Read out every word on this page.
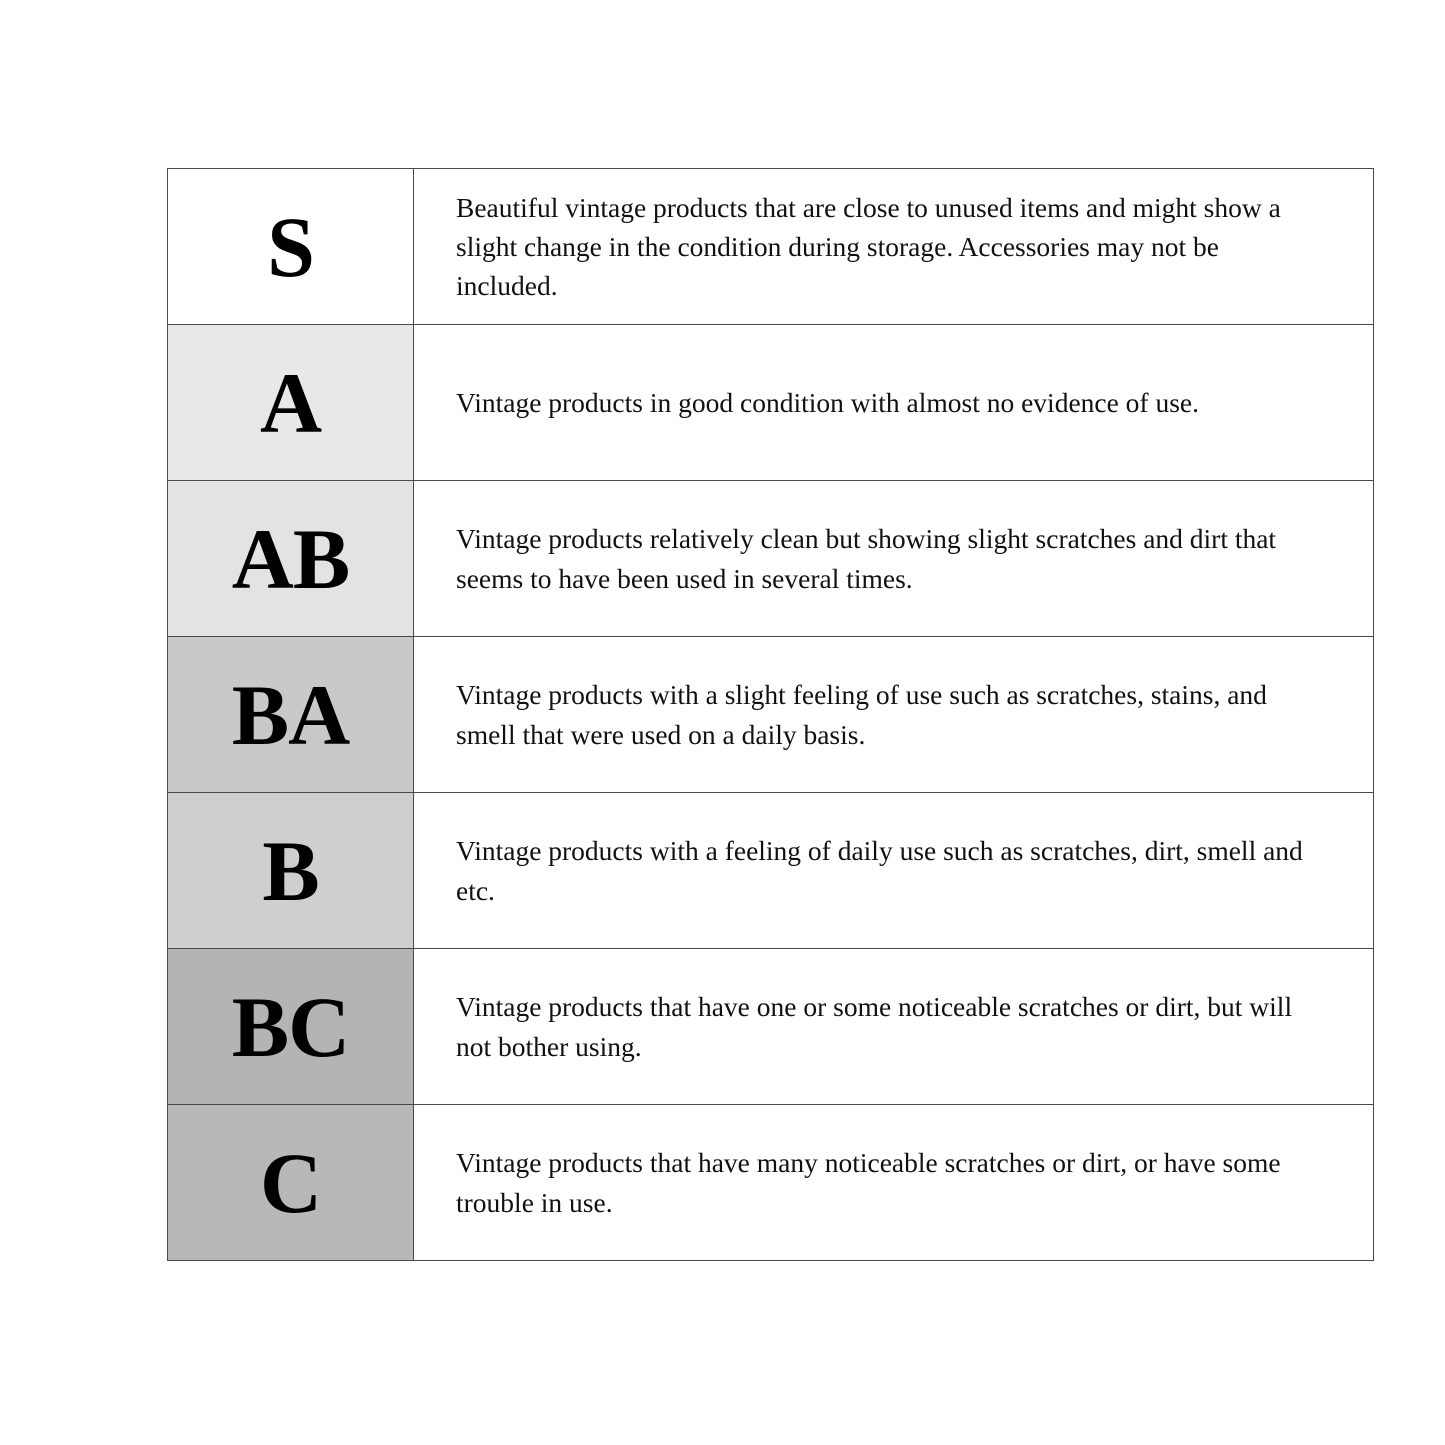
S	Beautiful vintage products that are close to unused items and might show a slight change in the condition during storage. Accessories may not be included.

A	Vintage products in good condition with almost no evidence of use.

AB	Vintage products relatively clean but showing slight scratches and dirt that seems to have been used in several times.

BA	Vintage products with a slight feeling of use such as scratches, stains, and smell that were used on a daily basis.

B	Vintage products with a feeling of daily use such as scratches, dirt, smell and etc.

BC	Vintage products that have one or some noticeable scratches or dirt, but will not bother using.

C	Vintage products that have many noticeable scratches or dirt, or have some trouble in use.
